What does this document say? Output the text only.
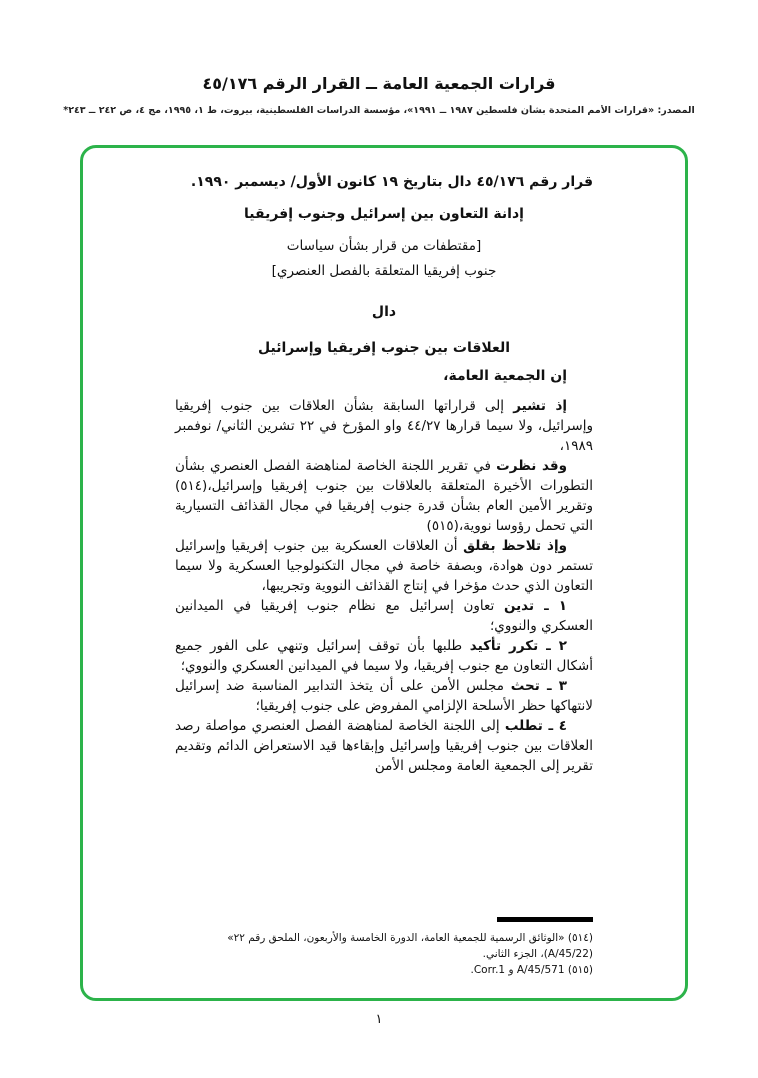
قرارات الجمعية العامة ــ القرار الرقم ٤٥/١٧٦
المصدر: «قرارات الأمم المتحدة بشأن فلسطين ١٩٨٧ ــ ١٩٩١»، مؤسسة الدراسات الفلسطينية، بيروت، ط ١، ١٩٩٥، مج ٤، ص ٢٤٢ ــ ٢٤٣*

قرار رقم ٤٥/١٧٦ دال بتاريخ ١٩ كانون الأول/ ديسمبر ١٩٩٠.

إدانة التعاون بين إسرائيل وجنوب إفريقيا

[مقتطفات من قرار بشأن سياسات
جنوب إفريقيا المتعلقة بالفصل العنصري]

دال

العلاقات بين جنوب إفريقيا وإسرائيل

إن الجمعية العامة،

إذ تشير إلى قراراتها السابقة بشأن العلاقات بين جنوب إفريقيا وإسرائيل، ولا سيما قرارها ٤٤/٢٧ واو المؤرخ في ٢٢ تشرين الثاني/ نوفمبر ١٩٨٩،

وقد نظرت في تقرير اللجنة الخاصة لمناهضة الفصل العنصري بشأن التطورات الأخيرة المتعلقة بالعلاقات بين جنوب إفريقيا وإسرائيل،(٥١٤) وتقرير الأمين العام بشأن قدرة جنوب إفريقيا في مجال القذائف التسيارية التي تحمل رؤوسا نووية،(٥١٥)

وإذ تلاحظ بقلق أن العلاقات العسكرية بين جنوب إفريقيا وإسرائيل تستمر دون هوادة، وبصفة خاصة في مجال التكنولوجيا العسكرية ولا سيما التعاون الذي حدث مؤخرا في إنتاج القذائف النووية وتجريبها،

١ ـ تدين تعاون إسرائيل مع نظام جنوب إفريقيا في الميدانين العسكري والنووي؛

٢ ـ تكرر تأكيد طلبها بأن توقف إسرائيل وتنهي على الفور جميع أشكال التعاون مع جنوب إفريقيا، ولا سيما في الميدانين العسكري والنووي؛

٣ ـ تحث مجلس الأمن على أن يتخذ التدابير المناسبة ضد إسرائيل لانتهاكها حظر الأسلحة الإلزامي المفروض على جنوب إفريقيا؛

٤ ـ تطلب إلى اللجنة الخاصة لمناهضة الفصل العنصري مواصلة رصد العلاقات بين جنوب إفريقيا وإسرائيل وإبقاءها قيد الاستعراض الدائم وتقديم تقرير إلى الجمعية العامة ومجلس الأمن

(٥١٤) «الوثائق الرسمية للجمعية العامة، الدورة الخامسة والأربعون، الملحق رقم ٢٢» (A/45/22)، الجزء الثاني.
(٥١٥) A/45/571 و Corr.1.
١
